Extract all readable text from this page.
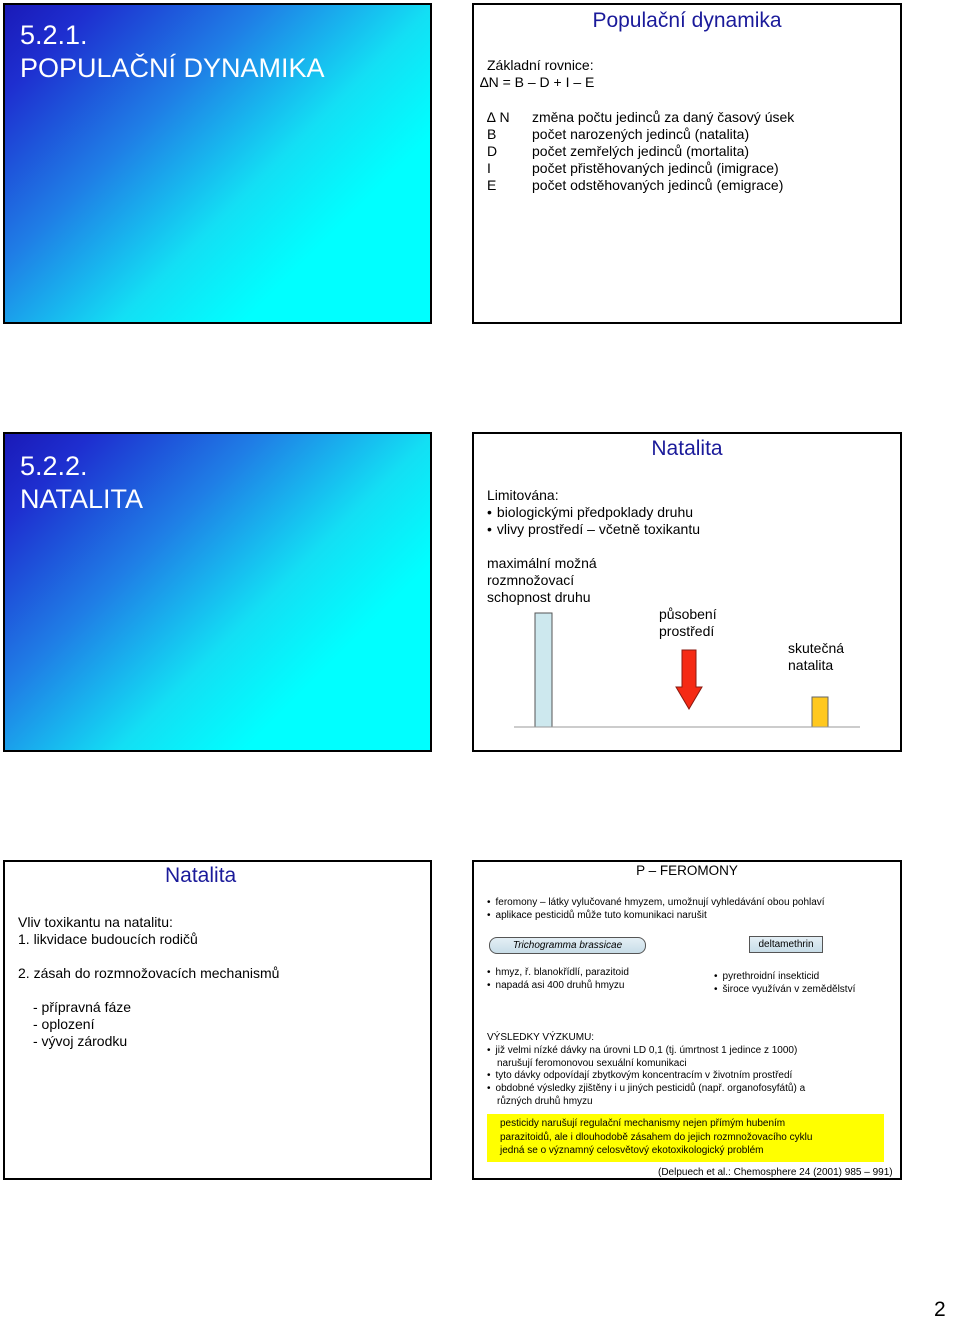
5.2.1.
POPULAČNÍ DYNAMIKA
Populační dynamika
Základní rovnice:
∆N = B – D + I – E
∆ N změna počtu jedinců za daný časový úsek
B	počet narozených jedinců (natalita)
D počet zemřelých jedinců (mortalita)
I	počet přistěhovaných jedinců (imigrace)
E	počet odstěhovaných jedinců (emigrace)
5.2.2.
NATALITA
Natalita
Limitována:
• biologickými předpoklady druhu
• vlivy prostředí – včetně toxikantu
maximální možná
rozmnožovací
schopnost druhu
působení
prostředí
skutečná
natalita
Natalita
Vliv toxikantu na natalitu:
1. likvidace budoucích rodičů
2. zásah do rozmnožovacích mechanismů
- přípravná fáze
- oplození
- vývoj zárodku
P – FEROMONY
• feromony – látky vylučované hmyzem, umožnují vyhledávání obou pohlaví
• aplikace pesticidů může tuto komunikaci narušit
Trichogramma brassicae	deltamethrin
• hmyz, ř. blanokřídlí, parazitoid
• napadá asi 400 druhů hmyzu
• pyrethroidní insekticid
• široce využíván v zemědělství
VÝSLEDKY VÝZKUMU:
• již velmi nízké dávky na úrovni LD 0,1 (tj. úmrtnost 1 jedince z 1000)
narušují feromonovou sexuální komunikaci
• tyto dávky odpovídají zbytkovým koncentracím v životním prostředí
• obdobné výsledky zjištěny i u jiných pesticidů (např. organofosyfátů) a
různých druhů hmyzu
pesticidy narušují regulační mechanismy nejen přímým hubením
parazitoidů, ale i dlouhodobě zásahem do jejich rozmnožovacího cyklu
jedná se o významný celosvětový ekotoxikologický problém
(Delpuech et al.: Chemosphere 24 (2001) 985 – 991)
2
